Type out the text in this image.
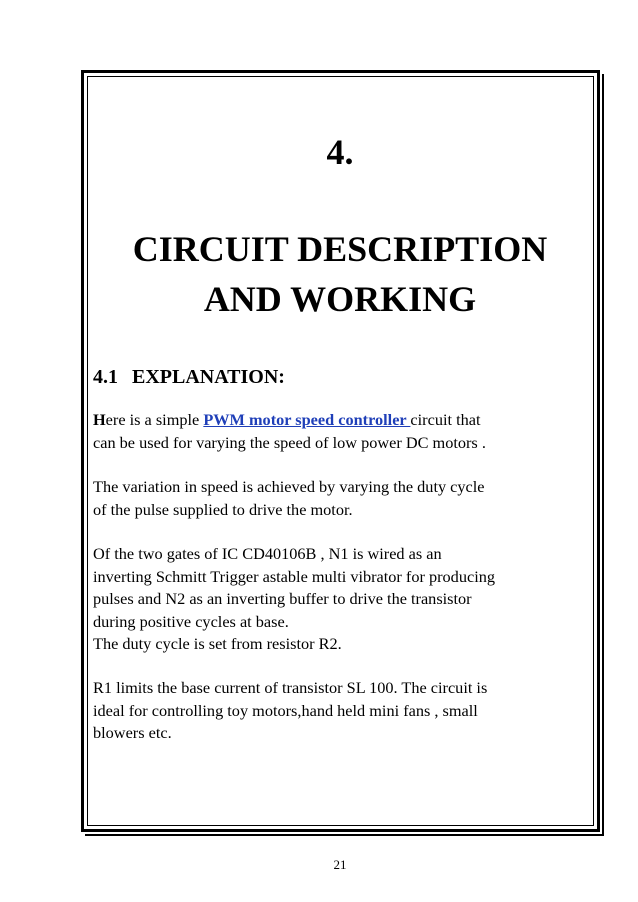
4.
CIRCUIT DESCRIPTION
AND WORKING
4.1 EXPLANATION:
Here is a simple PWM motor speed controller circuit that
can be used for varying the speed of low power DC motors .
The variation in speed is achieved by varying the duty cycle
of the pulse supplied to drive the motor.
Of the two gates of IC CD40106B , N1 is wired as an
inverting Schmitt Trigger astable multi vibrator for producing
pulses and N2 as an inverting buffer to drive the transistor
during positive cycles at base.
The duty cycle is set from resistor R2.
R1 limits the base current of transistor SL 100. The circuit is
ideal for controlling toy motors,hand held mini fans , small
blowers etc.
21
